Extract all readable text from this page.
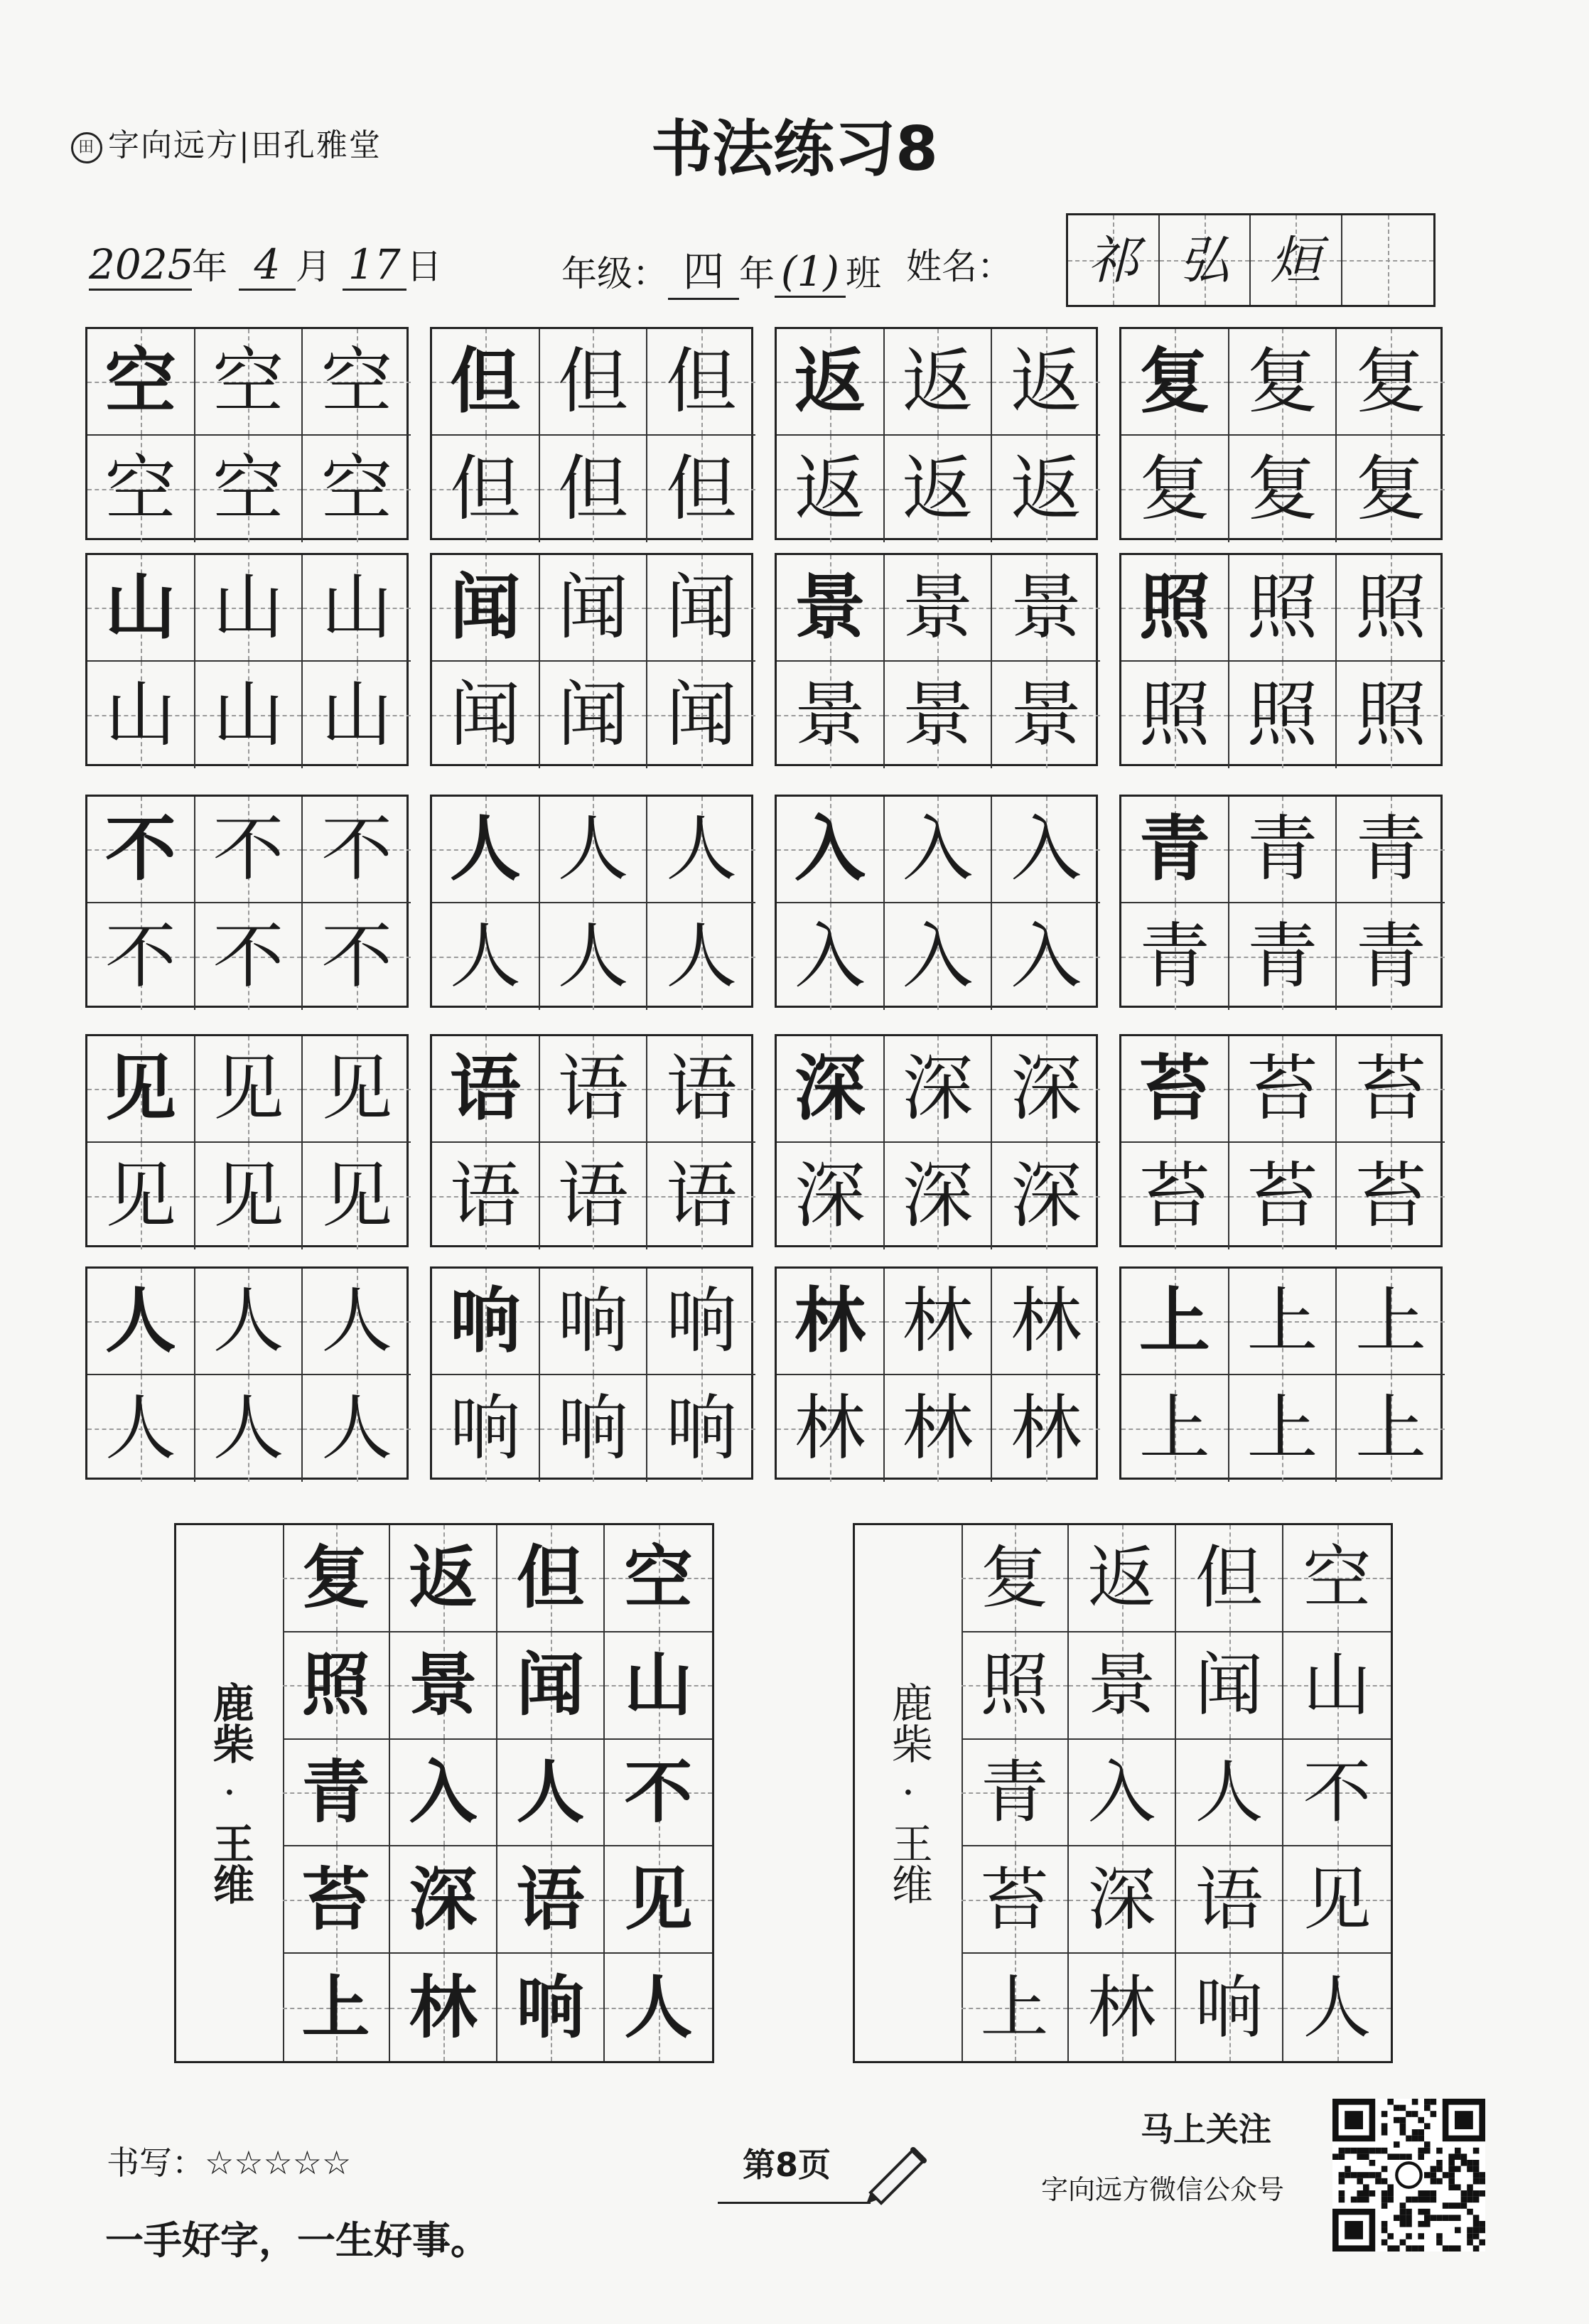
田 字向远方|田孔雅堂	书法练习8
2025年 4 月 17 日	年级： 四 年 (1) 班 姓名： 祁 弘 烜
空 空 空
空 空 空
但 但 但
但 但 但
返 返 返
返 返 返
复 复 复
复 复 复
山 山 山
山 山 山
闻 闻 闻
闻 闻 闻
景 景 景
景 景 景
照 照 照
照 照 照
不 不 不
不 不 不
人 人 人
人 人 人
入 入 入
入 入 入
青 青 青
青 青 青
见 见 见
见 见 见
语 语 语
语 语 语
深 深 深
深 深 深
苔 苔 苔
苔 苔 苔
人 人 人
人 人 人
响 响 响
响 响 响
林 林 林
林 林 林
上 上 上
上 上 上
鹿柴
·
王维
空
山
不
见
人
但
闻
人
语
响
返
景
入
深
林
复
照
青
苔
上
鹿柴
·
王维
空
山
不
见
人
但
闻
人
语
响
返
景
入
深
林
复
照
青
苔
上
书写：☆☆☆☆☆
一手好字，一生好事。
第8页
马上关注
字向远方微信公众号
